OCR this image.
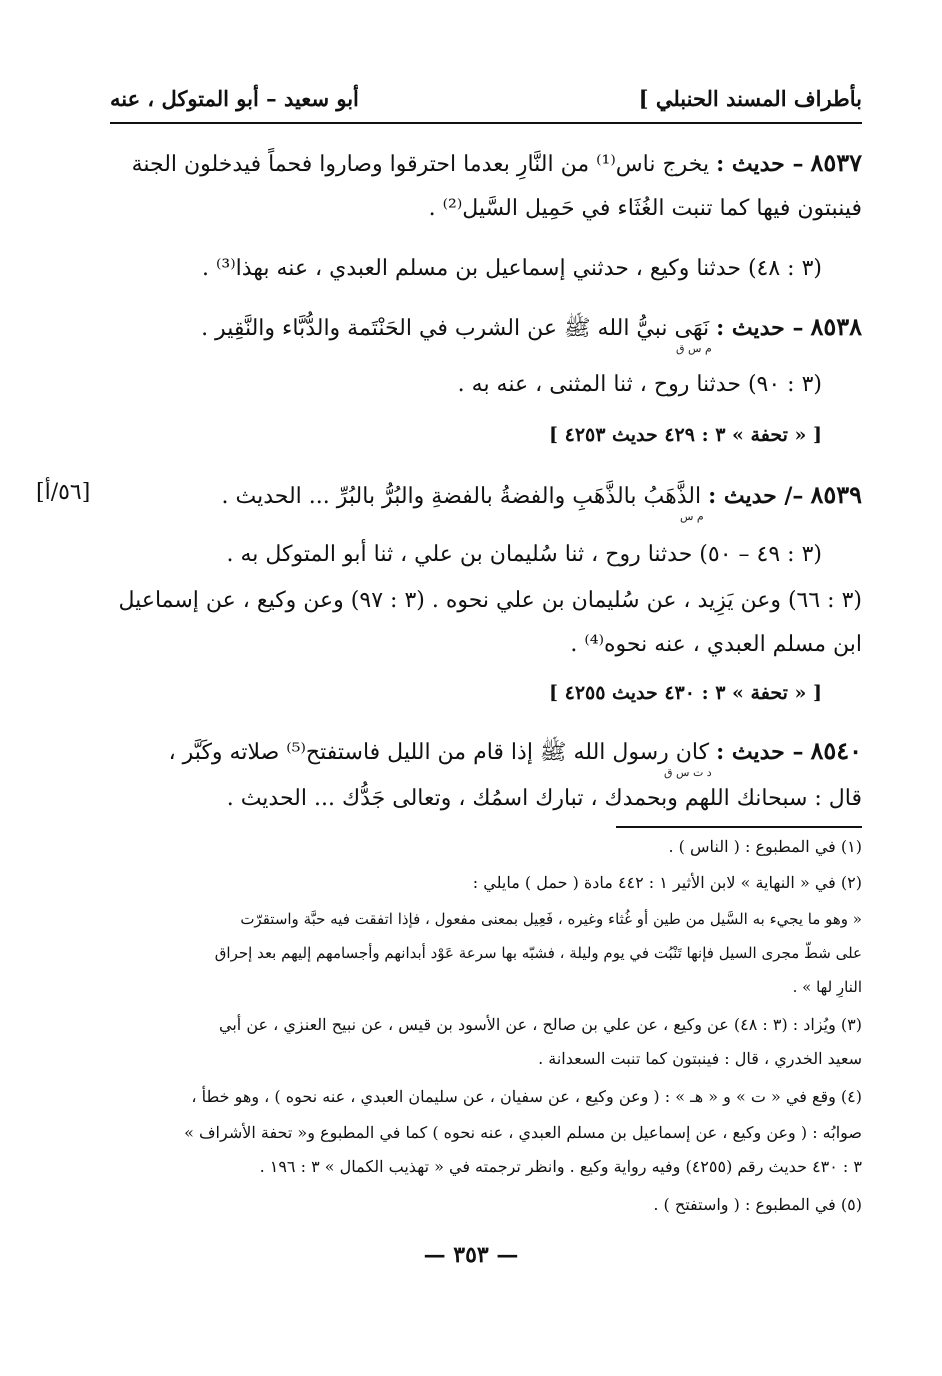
بأطراف المسند الحنبلي ]
أبو سعيد – أبو المتوكل ، عنه
٨٥٣٧ – حديث : يخرج ناس⁽¹⁾ من النَّارِ بعدما احترقوا وصاروا فحماً فيدخلون الجنة
فينبتون فيها كما تنبت الغُثَاء في حَمِيل السَّيل⁽²⁾ .
(٣ : ٤٨) حدثنا وكيع ، حدثني إسماعيل بن مسلم العبدي ، عنه بهذا⁽³⁾ .
٨٥٣٨ – حديث : نَهَى نبيُّ الله ﷺ عن الشرب في الحَنْتَمة والدُّبَّاء والنَّقِير .
م س ق
(٣ : ٩٠) حدثنا روح ، ثنا المثنى ، عنه به .
[ « تحفة » ٣ : ٤٢٩ حديث ٤٢٥٣ ]
٨٥٣٩ –/ حديث : الذَّهَبُ بالذَّهَبِ والفضةُ بالفضةِ والبُرُّ بالبُرِّ ... الحديث .
[٥٦/أ]
م س
(٣ : ٤٩ – ٥٠) حدثنا روح ، ثنا سُليمان بن علي ، ثنا أبو المتوكل به .
(٣ : ٦٦) وعن يَزِيد ، عن سُليمان بن علي نحوه . (٣ : ٩٧) وعن وكيع ، عن إسماعيل
ابن مسلم العبدي ، عنه نحوه⁽⁴⁾ .
[ « تحفة » ٣ : ٤٣٠ حديث ٤٢٥٥ ]
٨٥٤٠ – حديث : كان رسول الله ﷺ إذا قام من الليل فاستفتح⁽⁵⁾ صلاته وكَبَّر ،
د ت س ق
قال : سبحانك اللهم وبحمدك ، تبارك اسمُك ، وتعالى جَدُّك ... الحديث .
(١) في المطبوع : ( الناس ) .
(٢) في « النهاية » لابن الأثير ١ : ٤٤٢ مادة ( حمل ) مايلي :
« وهو ما يجيء به السَّيل من طين أو غُثاء وغيره ، فَعِيل بمعنى مفعول ، فإذا اتفقت فيه حبَّة واستقرّت
على شطّ مجرى السيل فإنها تَنْبُت في يوم وليلة ، فشبّه بها سرعة عَوْد أبدانهم وأجسامهم إليهم بعد إحراق
النارِ لها » .
(٣) ويُزاد : (٣ : ٤٨) عن وكيع ، عن علي بن صالح ، عن الأسود بن قيس ، عن نبيح العنزي ، عن أبي
سعيد الخدري ، قال : فينبتون كما تنبت السعدانة .
(٤) وقع في « ت » و « هـ » : ( وعن وكيع ، عن سفيان ، عن سليمان العبدي ، عنه نحوه ) ، وهو خطأ ،
صوابُه : ( وعن وكيع ، عن إسماعيل بن مسلم العبدي ، عنه نحوه ) كما في المطبوع و« تحفة الأشراف »
٣ : ٤٣٠ حديث رقم (٤٢٥٥) وفيه رواية وكيع . وانظر ترجمته في « تهذيب الكمال » ٣ : ١٩٦ .
(٥) في المطبوع : ( واستفتح ) .
— ٣٥٣ —
